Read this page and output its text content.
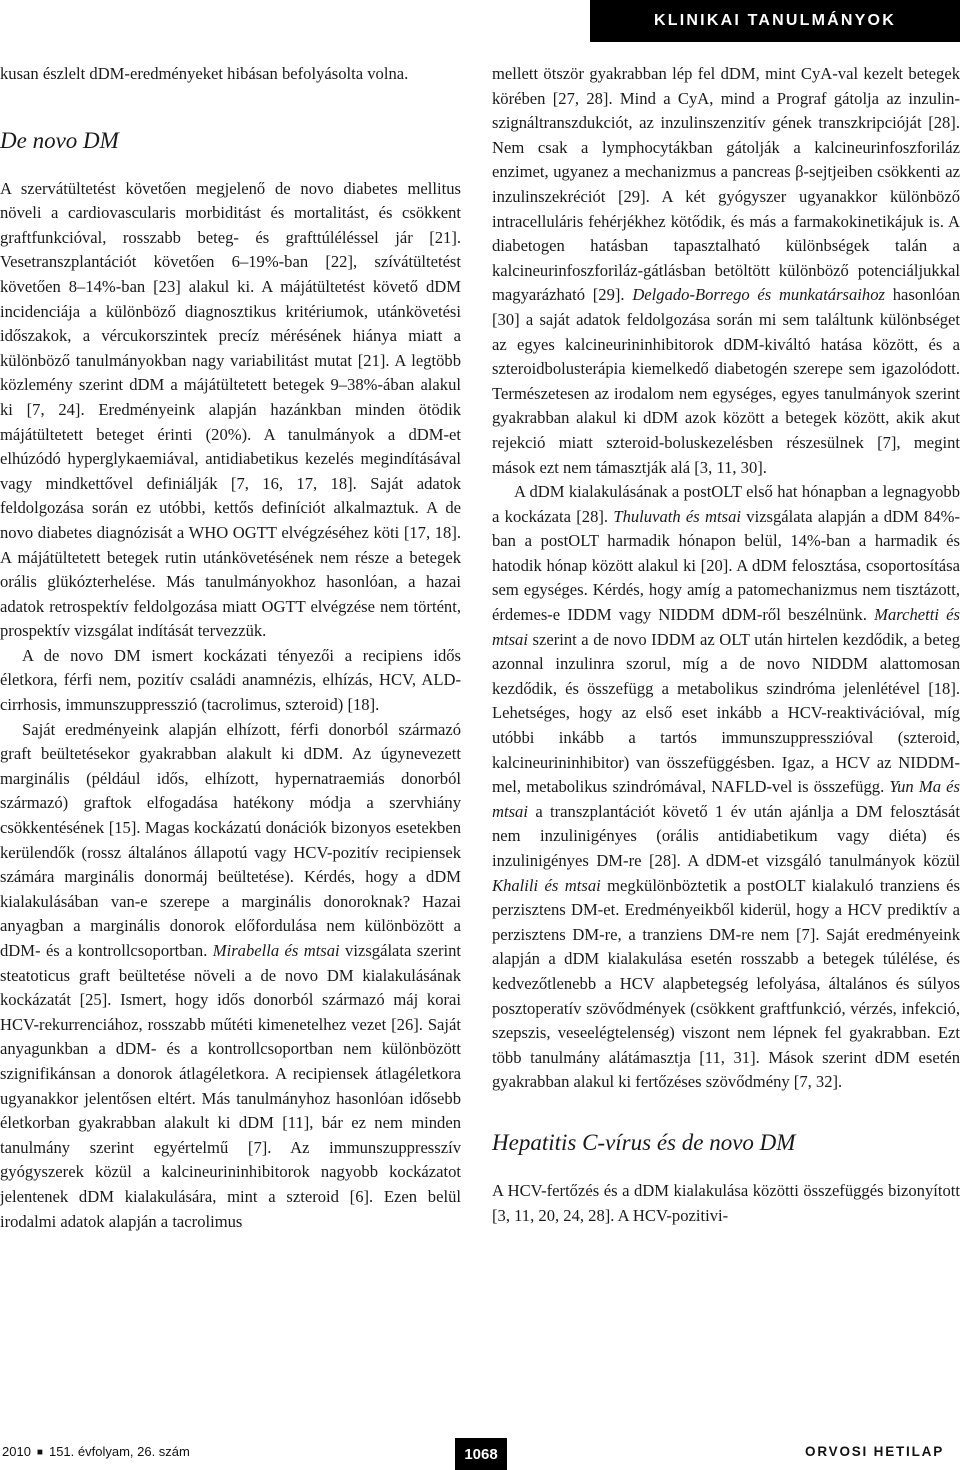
KLINIKAI TANULMÁNYOK

kusan észlelt dDM-eredményeket hibásan befolyásolta volna.

De novo DM

A szervátültetést követően megjelenő de novo diabetes mellitus növeli a cardiovascularis morbiditást és mortalitást, és csökkent graftfunkcióval, rosszabb beteg- és grafttúléléssel jár [21]. Vesetranszplantációt követően 6–19%-ban [22], szívátültetést követően 8–14%-ban [23] alakul ki. A májátültetést követő dDM incidenciája a különböző diagnosztikus kritériumok, utánkövetési időszakok, a vércukorszintek precíz mérésének hiánya miatt a különböző tanulmányokban nagy variabilitást mutat [21]. A legtöbb közlemény szerint dDM a májátültetett betegek 9–38%-ában alakul ki [7, 24]. Eredményeink alapján hazánkban minden ötödik májátültetett beteget érinti (20%). A tanulmányok a dDM-et elhúzódó hyperglykaemiával, antidiabetikus kezelés megindításával vagy mindkettővel definiálják [7, 16, 17, 18]. Saját adatok feldolgozása során ez utóbbi, kettős definíciót alkalmaztuk. A de novo diabetes diagnózisát a WHO OGTT elvégzéséhez köti [17, 18]. A májátültetett betegek rutin utánkövetésének nem része a betegek orális glükózterhelése. Más tanulmányokhoz hasonlóan, a hazai adatok retrospektív feldolgozása miatt OGTT elvégzése nem történt, prospektív vizsgálat indítását tervezzük.

A de novo DM ismert kockázati tényezői a recipiens idős életkora, férfi nem, pozitív családi anamnézis, elhízás, HCV, ALD-cirrhosis, immunszuppresszió (tacrolimus, szteroid) [18].

Saját eredményeink alapján elhízott, férfi donorból származó graft beültetésekor gyakrabban alakult ki dDM. Az úgynevezett marginális (például idős, elhízott, hypernatraemiás donorból származó) graftok elfogadása hatékony módja a szervhiány csökkentésének [15]. Magas kockázatú donációk bizonyos esetekben kerülendők (rossz általános állapotú vagy HCV-pozitív recipiensek számára marginális donormáj beültetése). Kérdés, hogy a dDM kialakulásában van-e szerepe a marginális donoroknak? Hazai anyagban a marginális donorok előfordulása nem különbözött a dDM- és a kontrollcsoportban. Mirabella és mtsai vizsgálata szerint steatoticus graft beültetése növeli a de novo DM kialakulásának kockázatát [25]. Ismert, hogy idős donorból származó máj korai HCV-rekurrenciához, rosszabb műtéti kimenetelhez vezet [26]. Saját anyagunkban a dDM- és a kontrollcsoportban nem különbözött szignifikánsan a donorok átlagéletkora. A recipiensek átlagéletkora ugyanakkor jelentősen eltért. Más tanulmányhoz hasonlóan idősebb életkorban gyakrabban alakult ki dDM [11], bár ez nem minden tanulmány szerint egyértelmű [7]. Az immunszuppresszív gyógyszerek közül a kalcineurininhibitorok nagyobb kockázatot jelentenek dDM kialakulására, mint a szteroid [6]. Ezen belül irodalmi adatok alapján a tacrolimus

mellett ötször gyakrabban lép fel dDM, mint CyA-val kezelt betegek körében [27, 28]. Mind a CyA, mind a Prograf gátolja az inzulin-szignáltranszdukciót, az inzulinszenzitív gének transzkripcióját [28]. Nem csak a lymphocytákban gátolják a kalcineurinfoszforiláz enzimet, ugyanez a mechanizmus a pancreas β-sejtjeiben csökkenti az inzulinszekréciót [29]. A két gyógyszer ugyanakkor különböző intracelluláris fehérjékhez kötődik, és más a farmakokinetikájuk is. A diabetogen hatásban tapasztalható különbségek talán a kalcineurinfoszforiláz-gátlásban betöltött különböző potenciáljukkal magyarázható [29]. Delgado-Borrego és munkatársaihoz hasonlóan [30] a saját adatok feldolgozása során mi sem találtunk különbséget az egyes kalcineurininhibitorok dDM-kiváltó hatása között, és a szteroidbolusterápia kiemelkedő diabetogén szerepe sem igazolódott. Természetesen az irodalom nem egységes, egyes tanulmányok szerint gyakrabban alakul ki dDM azok között a betegek között, akik akut rejekció miatt szteroid-boluskezelésben részesülnek [7], megint mások ezt nem támasztják alá [3, 11, 30].

A dDM kialakulásának a postOLT első hat hónapban a legnagyobb a kockázata [28]. Thuluvath és mtsai vizsgálata alapján a dDM 84%-ban a postOLT harmadik hónapon belül, 14%-ban a harmadik és hatodik hónap között alakul ki [20]. A dDM felosztása, csoportosítása sem egységes. Kérdés, hogy amíg a patomechanizmus nem tisztázott, érdemes-e IDDM vagy NIDDM dDM-ről beszélnünk. Marchetti és mtsai szerint a de novo IDDM az OLT után hirtelen kezdődik, a beteg azonnal inzulinra szorul, míg a de novo NIDDM alattomosan kezdődik, és összefügg a metabolikus szindróma jelenlétével [18]. Lehetséges, hogy az első eset inkább a HCV-reaktivációval, míg utóbbi inkább a tartós immunszuppresszióval (szteroid, kalcineurininhibitor) van összefüggésben. Igaz, a HCV az NIDDM-mel, metabolikus szindrómával, NAFLD-vel is összefügg. Yun Ma és mtsai a transzplantációt követő 1 év után ajánlja a DM felosztását nem inzulinigényes (orális antidiabetikum vagy diéta) és inzulinigényes DM-re [28]. A dDM-et vizsgáló tanulmányok közül Khalili és mtsai megkülönböztetik a postOLT kialakuló tranziens és perzisztens DM-et. Eredményeikből kiderül, hogy a HCV prediktív a perzisztens DM-re, a tranziens DM-re nem [7]. Saját eredményeink alapján a dDM kialakulása esetén rosszabb a betegek túlélése, és kedvezőtlenebb a HCV alapbetegség lefolyása, általános és súlyos posztoperatív szövődmények (csökkent graftfunkció, vérzés, infekció, szepszis, veseelégtelenség) viszont nem lépnek fel gyakrabban. Ezt több tanulmány alátámasztja [11, 31]. Mások szerint dDM esetén gyakrabban alakul ki fertőzéses szövődmény [7, 32].

Hepatitis C-vírus és de novo DM

A HCV-fertőzés és a dDM kialakulása közötti összefüggés bizonyított [3, 11, 20, 24, 28]. A HCV-pozitivi-

2010 ■ 151. évfolyam, 26. szám	1068	ORVOSI HETILAP
